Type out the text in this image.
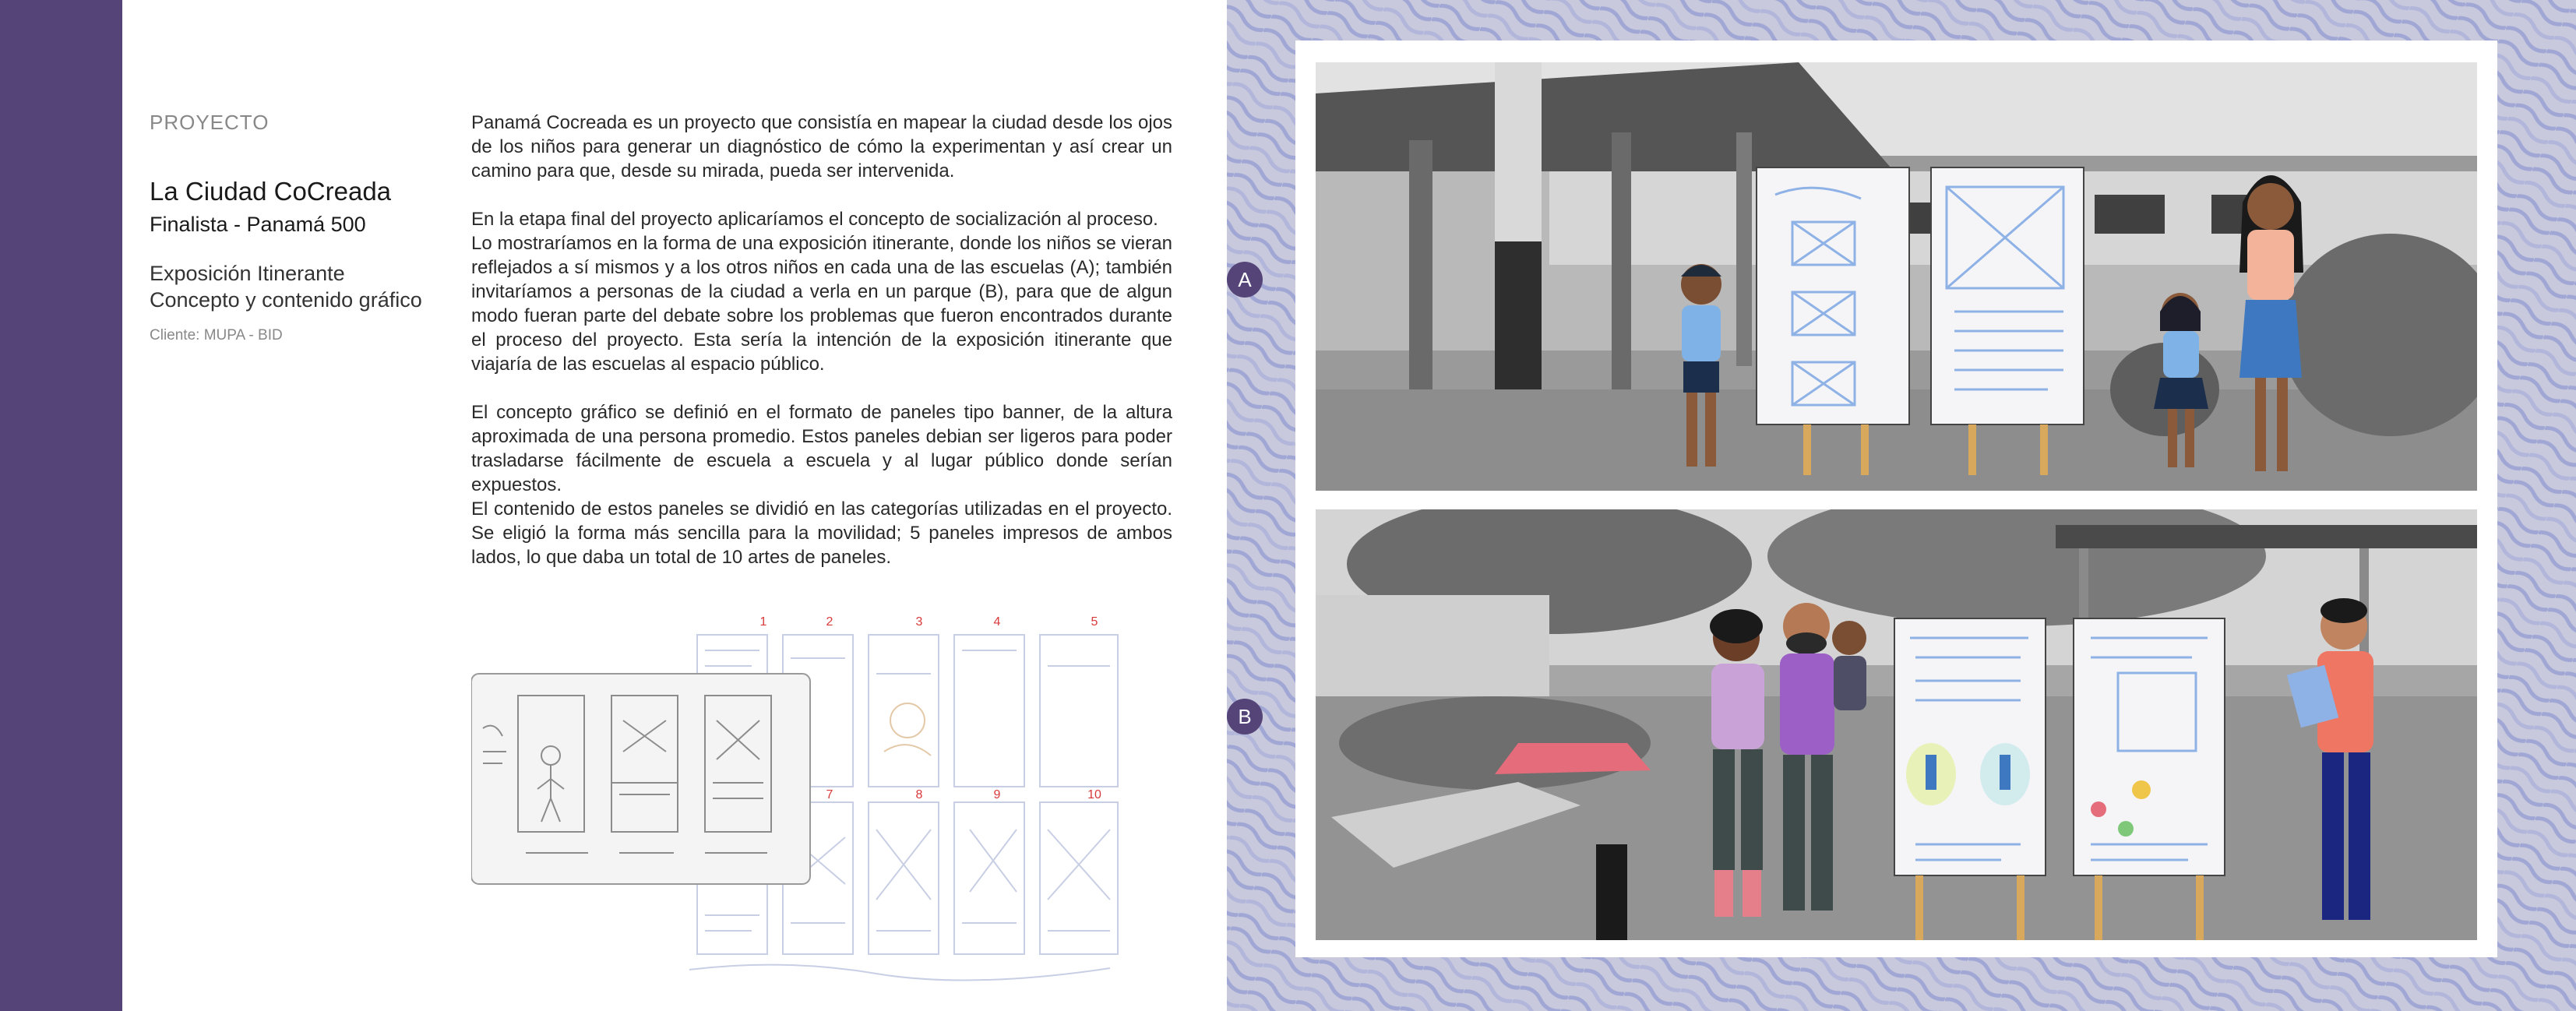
PROYECTO
La Ciudad CoCreada
Finalista - Panamá 500
Exposición Itinerante
Concepto y contenido gráfico
Cliente: MUPA - BID

Panamá Cocreada es un proyecto que consistía en mapear la ciudad desde los ojos de los niños para generar un diagnóstico de cómo la experimentan y así crear un camino para que, desde su mirada, pueda ser intervenida.

En la etapa final del proyecto aplicaríamos el concepto de socialización al proceso.

Lo mostraríamos en la forma de una exposición itinerante, donde los niños se vieran reflejados a sí mismos y a los otros niños en cada una de las escuelas (A); también invitaríamos a personas de la ciudad a verla en un parque (B), para que de algun modo fueran parte del debate sobre los problemas que fueron encontrados durante el proceso del proyecto. Esta sería la intención de la exposición itinerante que viajaría de las escuelas al espacio público.

El concepto gráfico se definió en el formato de paneles tipo banner, de la altura aproximada de una persona promedio. Estos paneles debian ser ligeros para poder trasladarse fácilmente de escuela a escuela y al lugar público donde serían expuestos.

El contenido de estos paneles se dividió en las categorías utilizadas en el proyecto. Se eligió la forma más sencilla para la movilidad; 5 paneles impresos de ambos lados, lo que daba un total de 10 artes de paneles.

1	2	3	4	5
7	8	9	10
A
B
